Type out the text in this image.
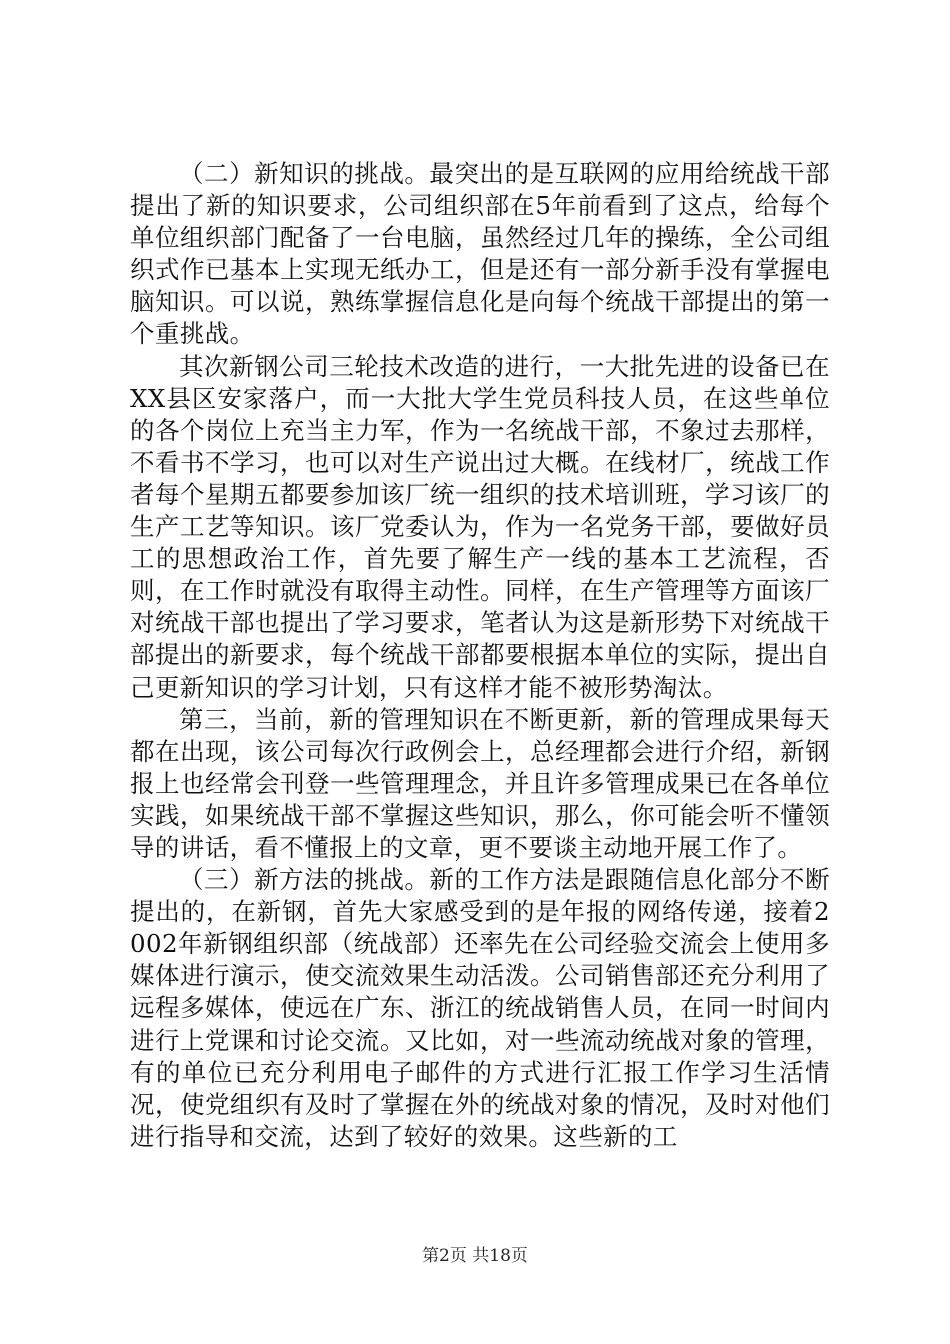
（二）新知识的挑战。最突出的是互联网的应用给统战干部提出了新的知识要求，公司组织部在5年前看到了这点，给每个单位组织部门配备了一台电脑，虽然经过几年的操练，全公司组织式作已基本上实现无纸办工，但是还有一部分新手没有掌握电脑知识。可以说，熟练掌握信息化是向每个统战干部提出的第一个重挑战。

其次新钢公司三轮技术改造的进行，一大批先进的设备已在XX县区安家落户，而一大批大学生党员科技人员，在这些单位的各个岗位上充当主力军，作为一名统战干部，不象过去那样，不看书不学习，也可以对生产说出过大概。在线材厂，统战工作者每个星期五都要参加该厂统一组织的技术培训班，学习该厂的生产工艺等知识。该厂党委认为，作为一名党务干部，要做好员工的思想政治工作，首先要了解生产一线的基本工艺流程，否则，在工作时就没有取得主动性。同样，在生产管理等方面该厂对统战干部也提出了学习要求，笔者认为这是新形势下对统战干部提出的新要求，每个统战干部都要根据本单位的实际，提出自己更新知识的学习计划，只有这样才能不被形势淘汰。

第三，当前，新的管理知识在不断更新，新的管理成果每天都在出现，该公司每次行政例会上，总经理都会进行介绍，新钢报上也经常会刊登一些管理理念，并且许多管理成果已在各单位实践，如果统战干部不掌握这些知识，那么，你可能会听不懂领导的讲话，看不懂报上的文章，更不要谈主动地开展工作了。

（三）新方法的挑战。新的工作方法是跟随信息化部分不断提出的，在新钢，首先大家感受到的是年报的网络传递，接着2002年新钢组织部（统战部）还率先在公司经验交流会上使用多媒体进行演示，使交流效果生动活泼。公司销售部还充分利用了远程多媒体，使远在广东、浙江的统战销售人员，在同一时间内进行上党课和讨论交流。又比如，对一些流动统战对象的管理，有的单位已充分利用电子邮件的方式进行汇报工作学习生活情况，使党组织有及时了掌握在外的统战对象的情况，及时对他们进行指导和交流，达到了较好的效果。这些新的工

第2页 共18页
